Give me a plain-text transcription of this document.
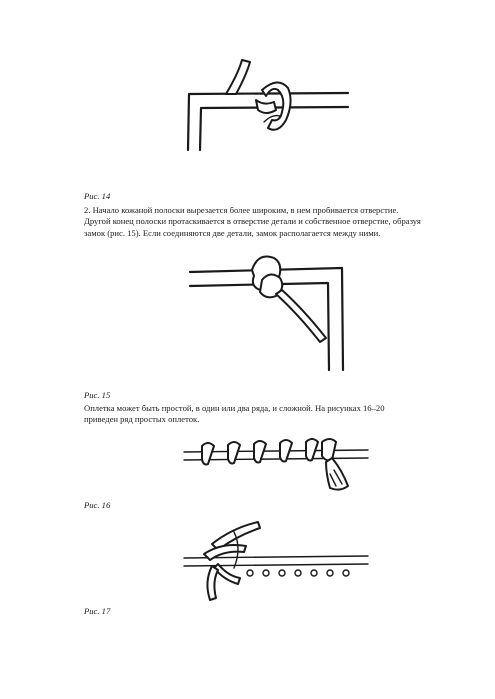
Рис. 14
2. Начало кожаной полоски вырезается более широким, в нем пробивается отверстие.
Другой конец полоски протаскивается в отверстие детали и собственное отверстие, образуя
замок (рис. 15). Если соединяются две детали, замок располагается между ними.
Рис. 15
Оплетка может быть простой, в один или два ряда, и сложной. На рисунках 16–20
приведен ряд простых оплеток.
Рис. 16
Рис. 17
